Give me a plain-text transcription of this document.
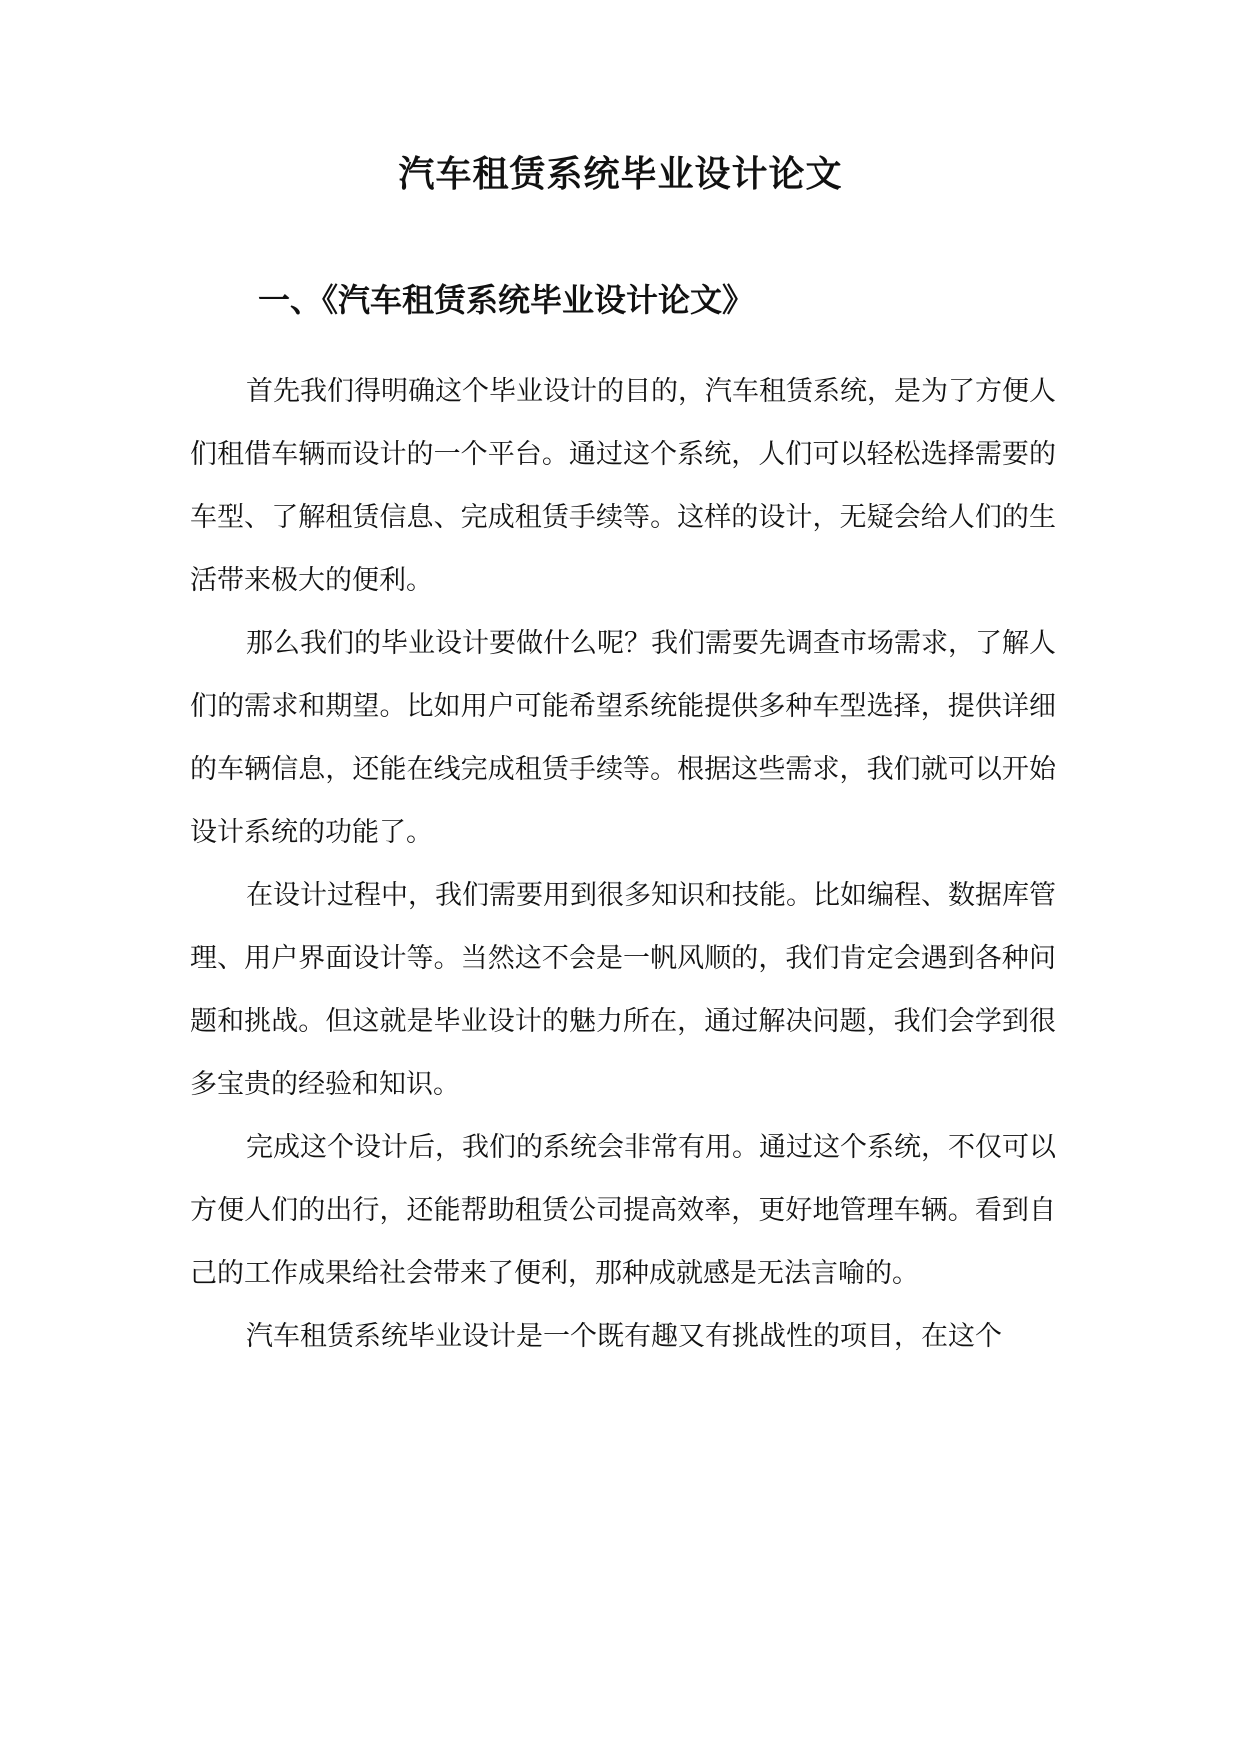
汽车租赁系统毕业设计论文
一、《汽车租赁系统毕业设计论文》

首先我们得明确这个毕业设计的目的，汽车租赁系统，是为了方便人们租借车辆而设计的一个平台。通过这个系统，人们可以轻松选择需要的车型、了解租赁信息、完成租赁手续等。这样的设计，无疑会给人们的生活带来极大的便利。

那么我们的毕业设计要做什么呢？我们需要先调查市场需求，了解人们的需求和期望。比如用户可能希望系统能提供多种车型选择，提供详细的车辆信息，还能在线完成租赁手续等。根据这些需求，我们就可以开始设计系统的功能了。

在设计过程中，我们需要用到很多知识和技能。比如编程、数据库管理、用户界面设计等。当然这不会是一帆风顺的，我们肯定会遇到各种问题和挑战。但这就是毕业设计的魅力所在，通过解决问题，我们会学到很多宝贵的经验和知识。

完成这个设计后，我们的系统会非常有用。通过这个系统，不仅可以方便人们的出行，还能帮助租赁公司提高效率，更好地管理车辆。看到自己的工作成果给社会带来了便利，那种成就感是无法言喻的。

汽车租赁系统毕业设计是一个既有趣又有挑战性的项目，在这个
